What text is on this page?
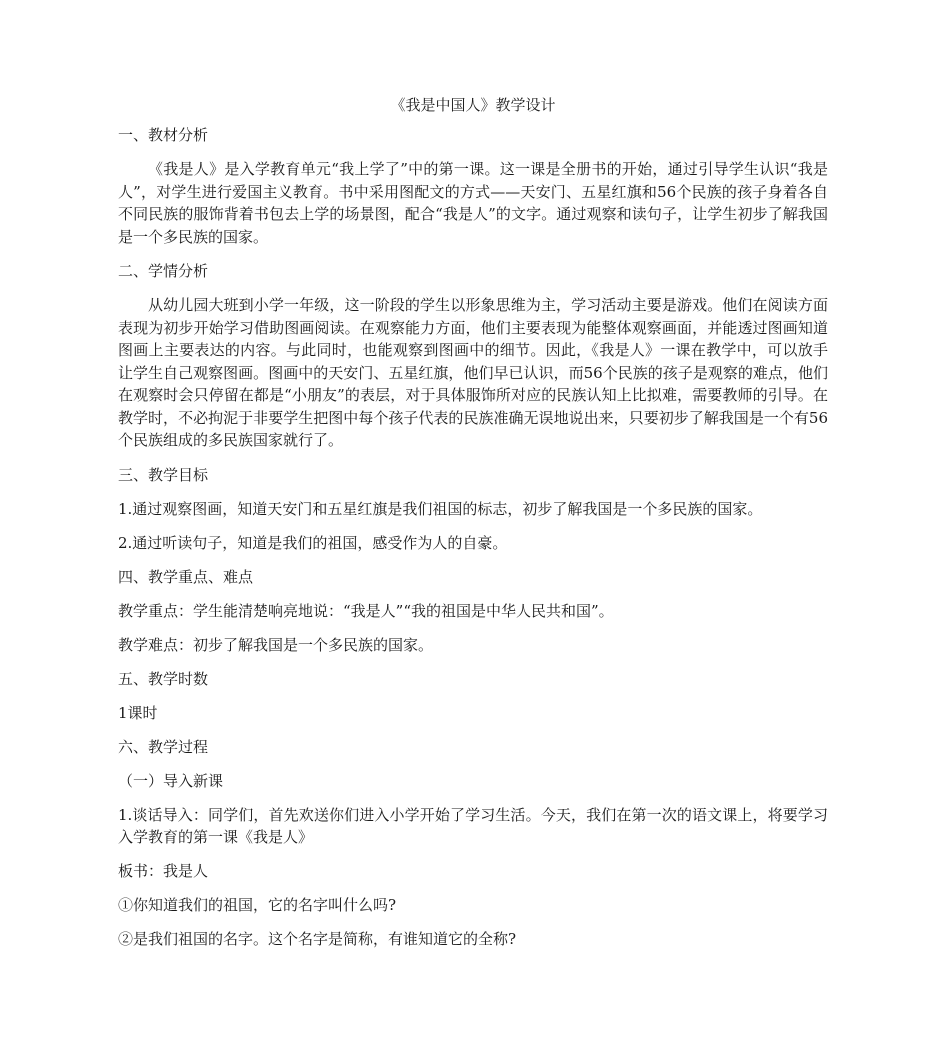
《我是中国人》教学设计

一、教材分析

《我是人》是入学教育单元“我上学了”中的第一课。这一课是全册书的开始，通过引导学生认识“我是人”，对学生进行爱国主义教育。书中采用图配文的方式——天安门、五星红旗和56个民族的孩子身着各自不同民族的服饰背着书包去上学的场景图，配合“我是人”的文字。通过观察和读句子，让学生初步了解我国是一个多民族的国家。

二、学情分析

从幼儿园大班到小学一年级，这一阶段的学生以形象思维为主，学习活动主要是游戏。他们在阅读方面表现为初步开始学习借助图画阅读。在观察能力方面，他们主要表现为能整体观察画面，并能透过图画知道图画上主要表达的内容。与此同时，也能观察到图画中的细节。因此，《我是人》一课在教学中，可以放手让学生自己观察图画。图画中的天安门、五星红旗，他们早已认识，而56个民族的孩子是观察的难点，他们在观察时会只停留在都是“小朋友”的表层，对于具体服饰所对应的民族认知上比拟难，需要教师的引导。在教学时，不必拘泥于非要学生把图中每个孩子代表的民族准确无误地说出来，只要初步了解我国是一个有56个民族组成的多民族国家就行了。

三、教学目标

1.通过观察图画，知道天安门和五星红旗是我们祖国的标志，初步了解我国是一个多民族的国家。

2.通过听读句子，知道是我们的祖国，感受作为人的自豪。

四、教学重点、难点

教学重点：学生能清楚响亮地说：“我是人”“我的祖国是中华人民共和国”。

教学难点：初步了解我国是一个多民族的国家。

五、教学时数

1课时

六、教学过程

（一）导入新课

1.谈话导入：同学们，首先欢送你们进入小学开始了学习生活。今天，我们在第一次的语文课上，将要学习入学教育的第一课《我是人》

板书：我是人

①你知道我们的祖国，它的名字叫什么吗?

②是我们祖国的名字。这个名字是简称，有谁知道它的全称?
